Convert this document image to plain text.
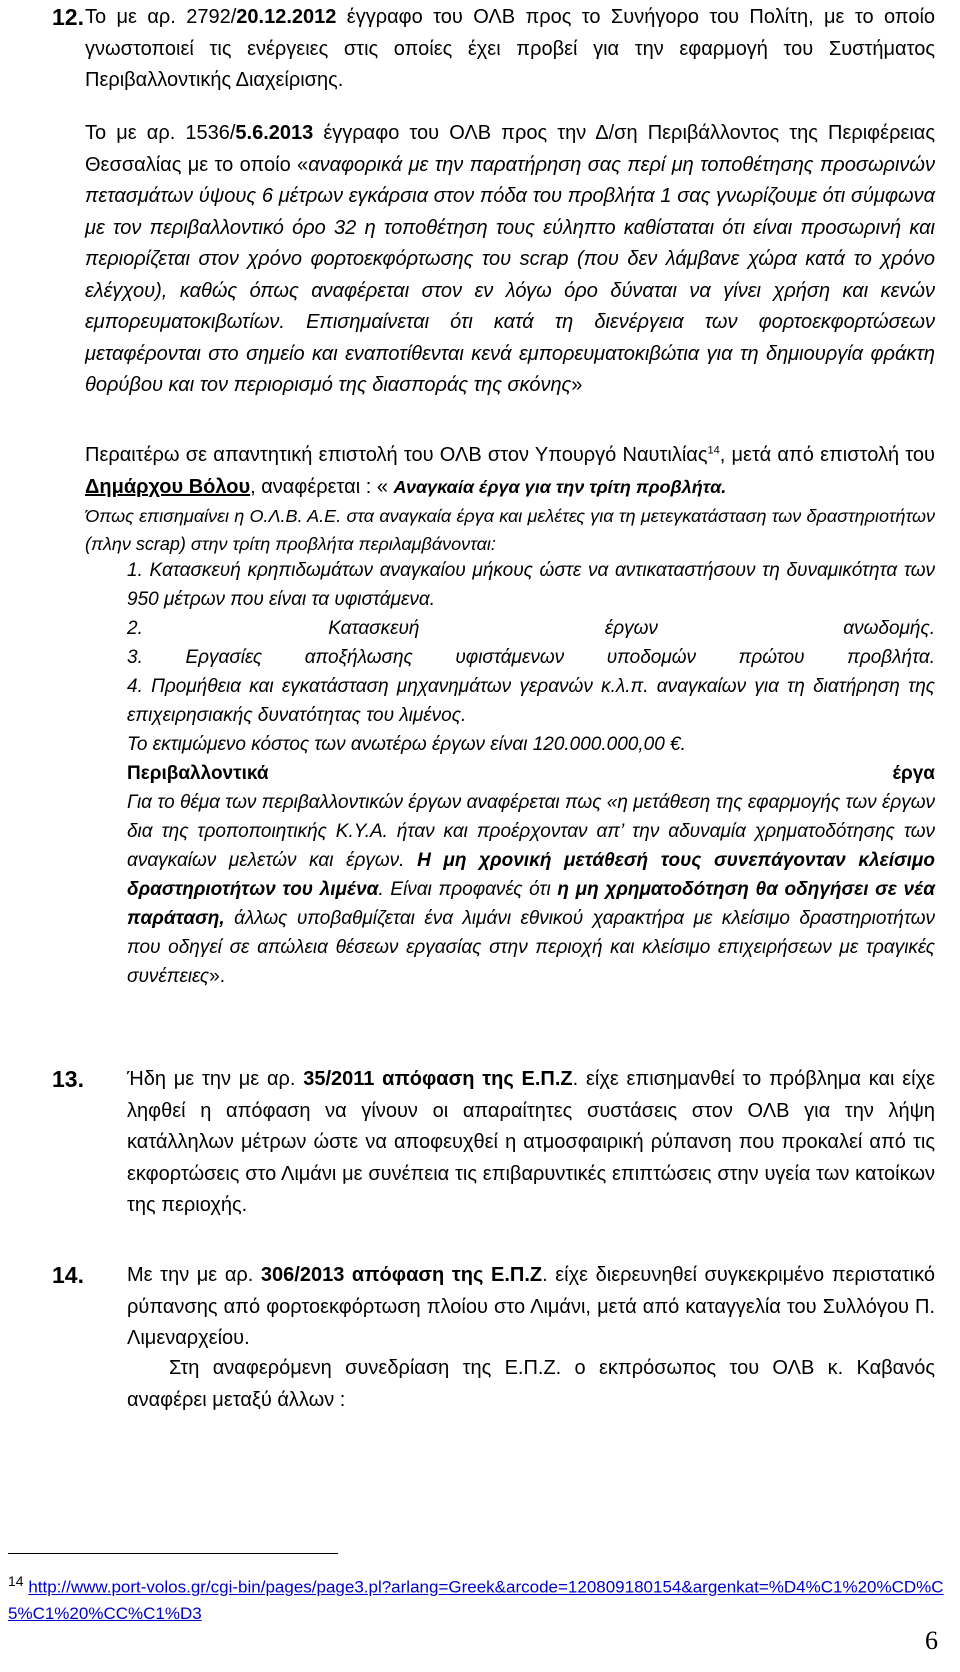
12. Το με αρ. 2792/20.12.2012 έγγραφο του ΟΛΒ προς το Συνήγορο του Πολίτη, με το οποίο γνωστοποιεί τις ενέργειες στις οποίες έχει προβεί για την εφαρμογή του Συστήματος Περιβαλλοντικής Διαχείρισης.
Το με αρ. 1536/5.6.2013 έγγραφο του ΟΛΒ προς την Δ/ση Περιβάλλοντος της Περιφέρειας Θεσσαλίας με το οποίο «αναφορικά με την παρατήρηση σας περί μη τοποθέτησης προσωρινών πετασμάτων ύψους 6 μέτρων εγκάρσια στον πόδα του προβλήτα 1 σας γνωρίζουμε ότι σύμφωνα με τον περιβαλλοντικό όρο 32 η τοποθέτηση τους εύληπτο καθίσταται ότι είναι προσωρινή και περιορίζεται στον χρόνο φορτοεκφόρτωσης του scrap (που δεν λάμβανε χώρα κατά το χρόνο ελέγχου), καθώς όπως αναφέρεται στον εν λόγω όρο δύναται να γίνει χρήση και κενών εμπορευματοκιβωτίων. Επισημαίνεται ότι κατά τη διενέργεια των φορτοεκφορτώσεων μεταφέρονται στο σημείο και εναποτίθενται κενά εμπορευματοκιβώτια για τη δημιουργία φράκτη θορύβου και τον περιορισμό της διασποράς της σκόνης»
Περαιτέρω σε απαντητική επιστολή του ΟΛΒ στον Υπουργό Ναυτιλίας$^{14}$, μετά από επιστολή του Δημάρχου Βόλου, αναφέρεται : « Αναγκαία έργα για την τρίτη προβλήτα.
Όπως επισημαίνει η Ο.Λ.Β. Α.Ε. στα αναγκαία έργα και μελέτες για τη μετεγκατάσταση των δραστηριοτήτων (πλην scrap) στην τρίτη προβλήτα περιλαμβάνονται:
1. Κατασκευή κρηπιδωμάτων αναγκαίου μήκους ώστε να αντικαταστήσουν τη δυναμικότητα των 950 μέτρων που είναι τα υφιστάμενα.
2. Κατασκευή έργων ανωδομής.
3. Εργασίες αποξήλωσης υφιστάμενων υποδομών πρώτου προβλήτα.
4. Προμήθεια και εγκατάσταση μηχανημάτων γερανών κ.λ.π. αναγκαίων για τη διατήρηση της επιχειρησιακής δυνατότητας του λιμένος.
Το εκτιμώμενο κόστος των ανωτέρω έργων είναι 120.000.000,00 €.
Περιβαλλοντικά έργα
Για το θέμα των περιβαλλοντικών έργων αναφέρεται πως «η μετάθεση της εφαρμογής των έργων δια της τροποποιητικής Κ.Υ.Α. ήταν και προέρχονταν απ’ την αδυναμία χρηματοδότησης των αναγκαίων μελετών και έργων. Η μη χρονική μετάθεσή τους συνεπάγονταν κλείσιμο δραστηριοτήτων του λιμένα. Είναι προφανές ότι η μη χρηματοδότηση θα οδηγήσει σε νέα παράταση, άλλως υποβαθμίζεται ένα λιμάνι εθνικού χαρακτήρα με κλείσιμο δραστηριοτήτων που οδηγεί σε απώλεια θέσεων εργασίας στην περιοχή και κλείσιμο επιχειρήσεων με τραγικές συνέπειες».
13. Ήδη με την με αρ. 35/2011 απόφαση της Ε.Π.Ζ. είχε επισημανθεί το πρόβλημα και είχε ληφθεί η απόφαση να γίνουν οι απαραίτητες συστάσεις στον ΟΛΒ για την λήψη κατάλληλων μέτρων ώστε να αποφευχθεί η ατμοσφαιρική ρύπανση που προκαλεί από τις εκφορτώσεις στο Λιμάνι με συνέπεια τις επιβαρυντικές επιπτώσεις στην υγεία των κατοίκων της περιοχής.
14. Με την με αρ. 306/2013 απόφαση της Ε.Π.Ζ. είχε διερευνηθεί συγκεκριμένο περιστατικό ρύπανσης από φορτοεκφόρτωση πλοίου στο Λιμάνι, μετά από καταγγελία του Συλλόγου Π. Λιμεναρχείου.
Στη αναφερόμενη συνεδρίαση της Ε.Π.Ζ. ο εκπρόσωπος του ΟΛΒ κ. Καβανός αναφέρει μεταξύ άλλων :
$^{14}$ http://www.port-volos.gr/cgi-bin/pages/page3.pl?arlang=Greek&arcode=120809180154&argenkat=%D4%C1%20%CD%C5%C1%20%CC%C1%D3
6
